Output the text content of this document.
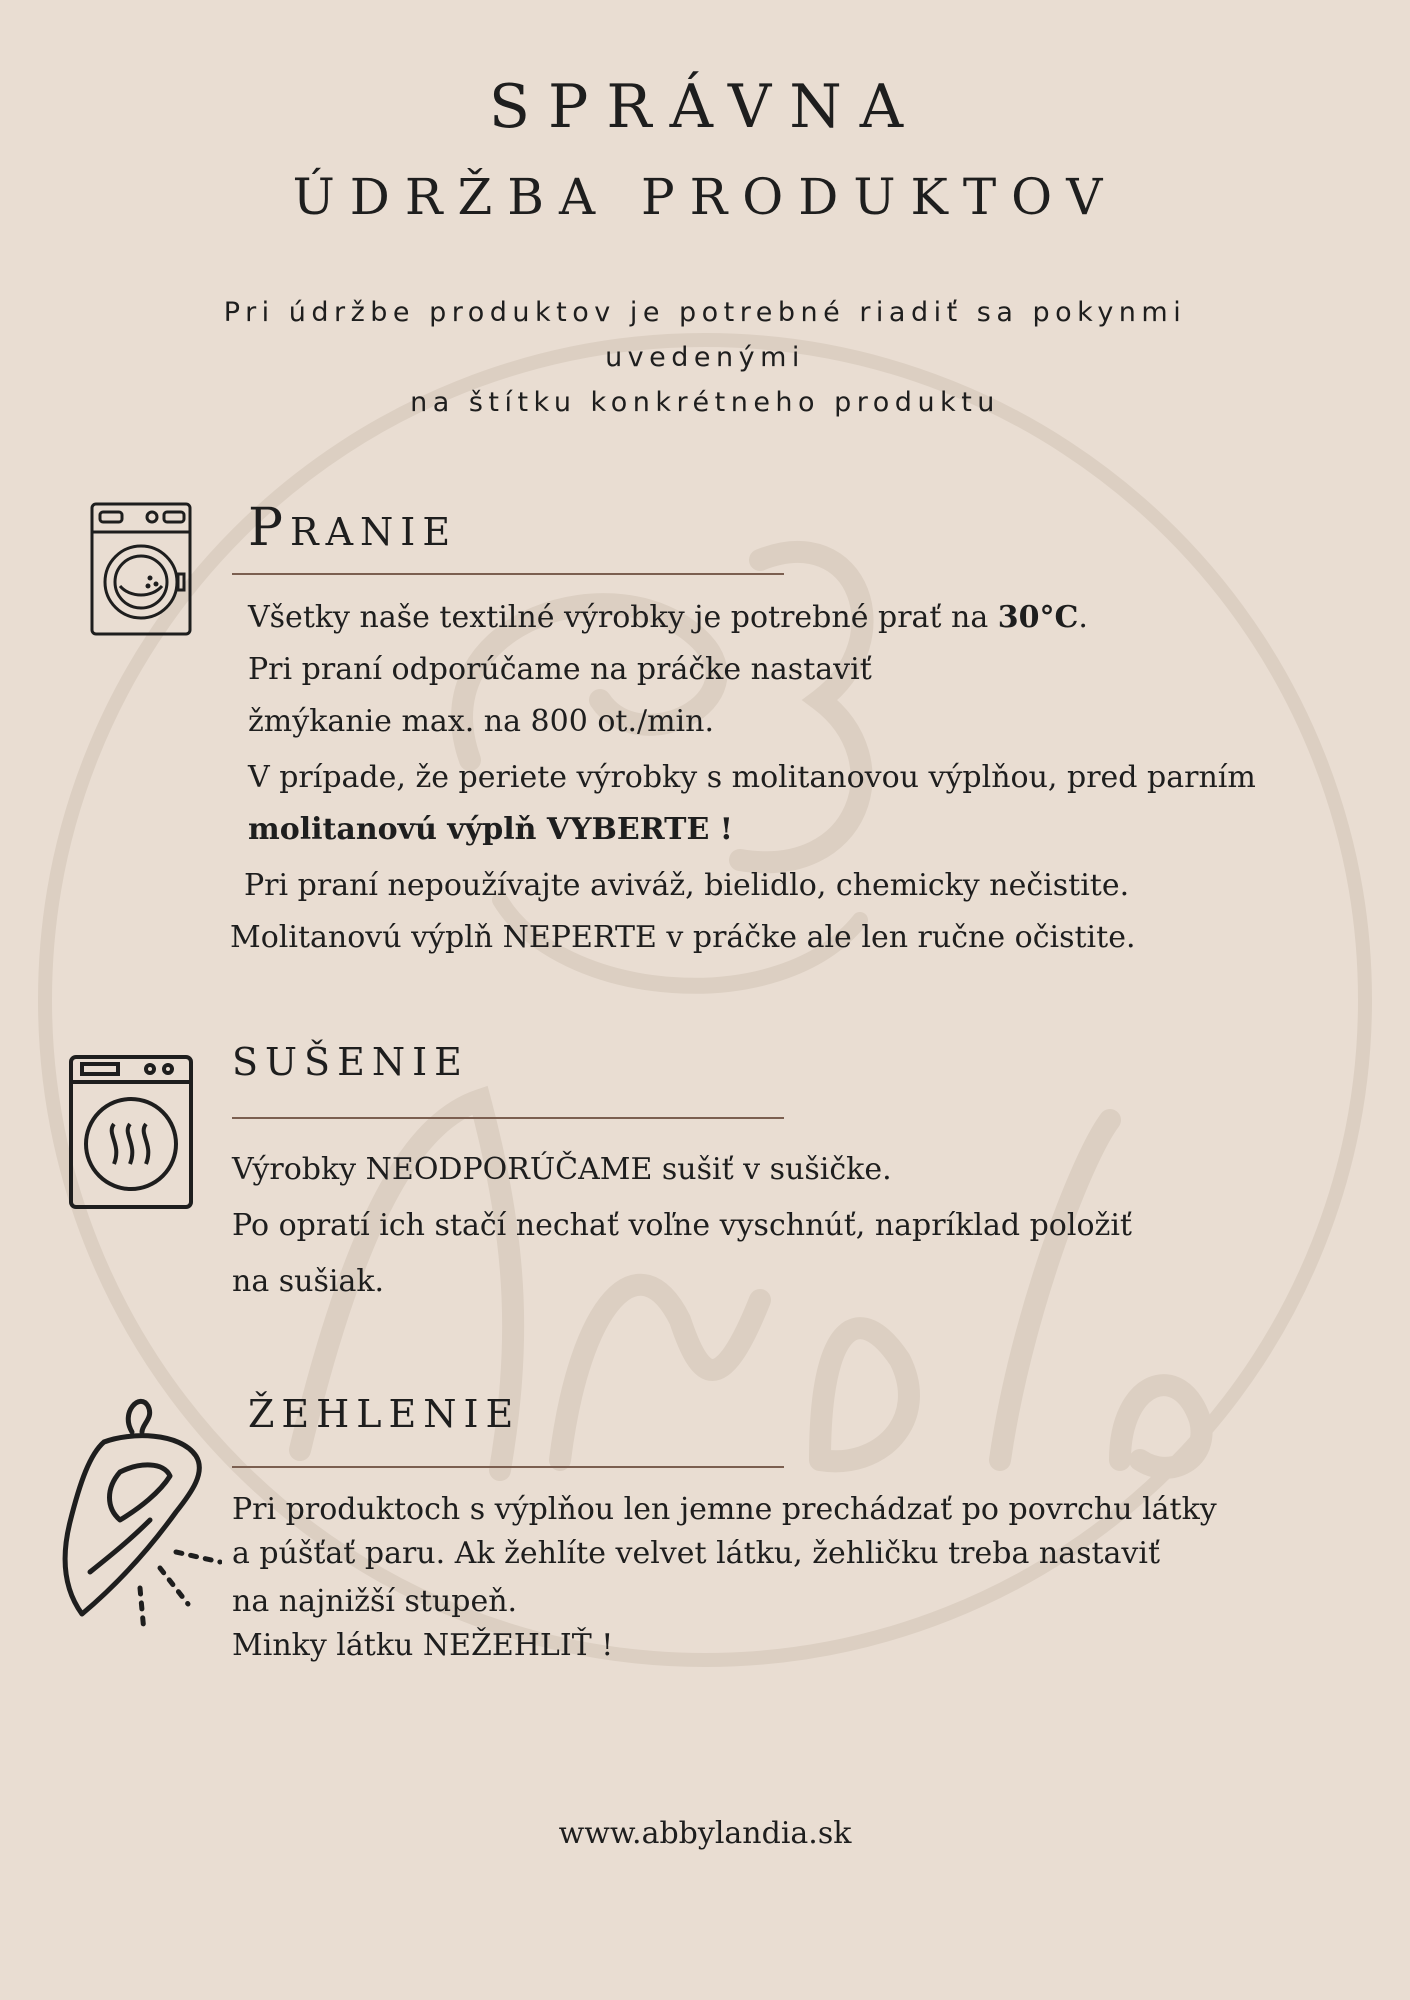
SPRÁVNA
ÚDRŽBA PRODUKTOV
Pri údržbe produktov je potrebné riadiť sa pokynmi
uvedenými
na štítku konkrétneho produktu
PRANIE
Všetky naše textilné výrobky je potrebné prať na 30°C.
Pri praní odporúčame na práčke nastaviť
žmýkanie max. na 800 ot./min.
V prípade, že periete výrobky s molitanovou výplňou, pred parním
molitanovú výplň VYBERTE !
Pri praní nepoužívajte aviváž, bielidlo, chemicky nečistite.
Molitanovú výplň NEPERTE v práčke ale len ručne očistite.
SUŠENIE
Výrobky NEODPORÚČAME sušiť v sušičke.
Po opratí ich stačí nechať voľne vyschnúť, napríklad položiť
na sušiak.
ŽEHLENIE
Pri produktoch s výplňou len jemne prechádzať po povrchu látky
a púšťať paru. Ak žehlíte velvet látku, žehličku treba nastaviť
na najnižší stupeň.
Minky látku NEŽEHLIŤ !
www.abbylandia.sk
